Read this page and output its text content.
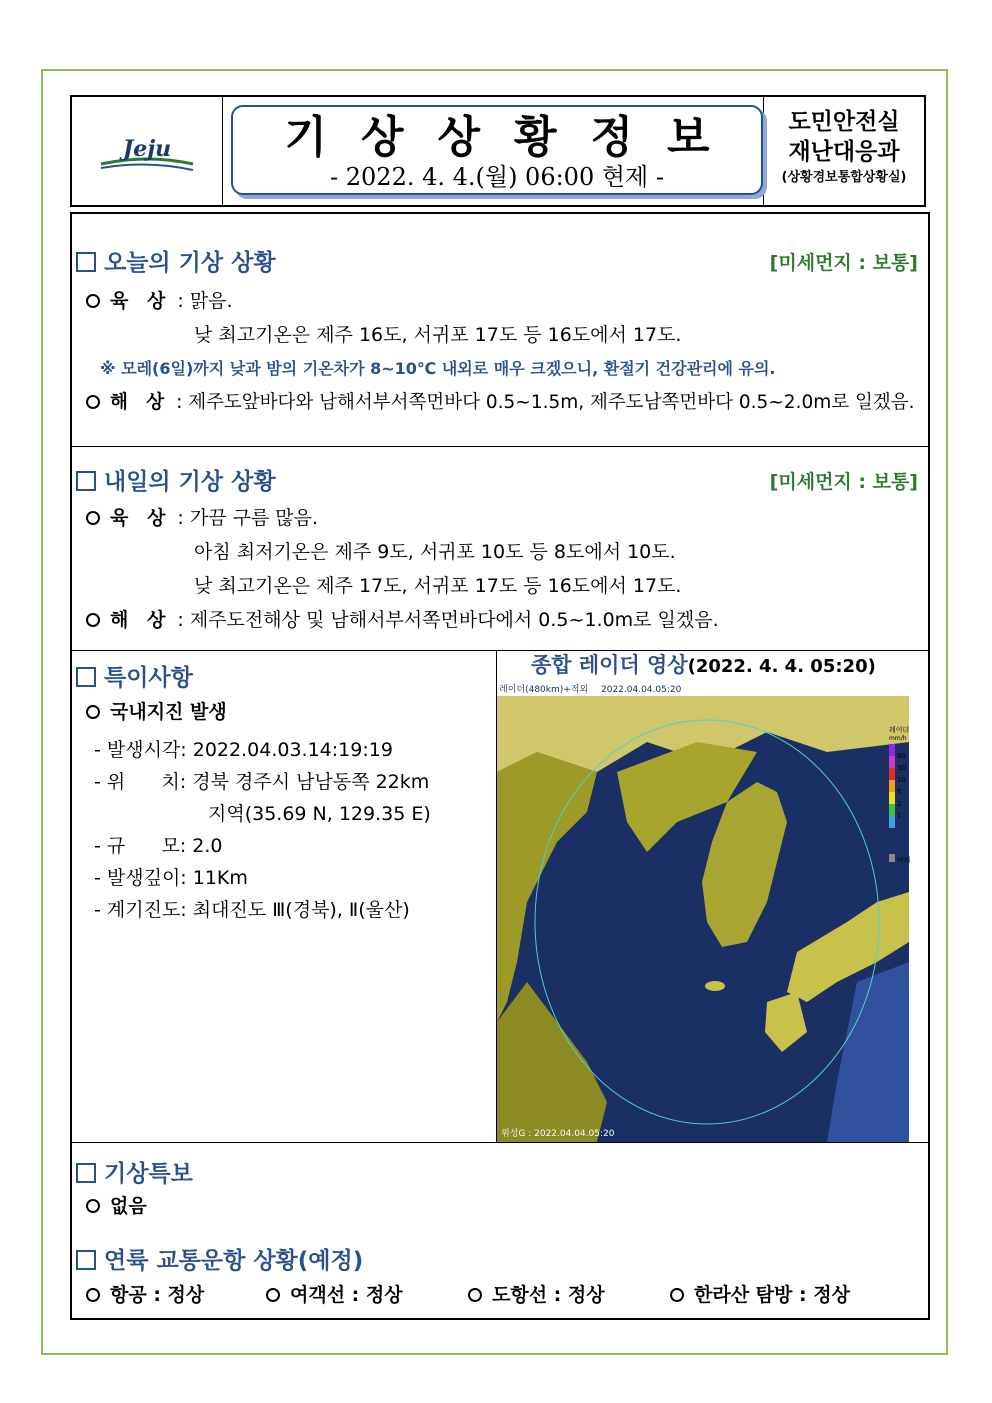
Jeju	기상상황정보
- 2022. 4. 4.(월) 06:00 현제 -
도민안전실
재난대응과
(상황경보통합상황실)
오늘의 기상 상황	[미세먼지 : 보통]
육 상 : 맑음.
낮 최고기온은 제주 16도, 서귀포 17도 등 16도에서 17도.
※ 모레(6일)까지 낮과 밤의 기온차가 8~10℃ 내외로 매우 크겠으니, 환절기 건강관리에 유의.
해 상 : 제주도앞바다와 남해서부서쪽먼바다 0.5~1.5m, 제주도남쪽먼바다 0.5~2.0m로 일겠음.
내일의 기상 상황	[미세먼지 : 보통]
육 상 : 가끔 구름 많음.
아침 최저기온은 제주 9도, 서귀포 10도 등 8도에서 10도.
낮 최고기온은 제주 17도, 서귀포 17도 등 16도에서 17도.
해 상 : 제주도전해상 및 남해서부서쪽먼바다에서 0.5~1.0m로 일겠음.
특이사항
국내지진 발생
- 발생시각: 2022.04.03.14:19:19
- 위      치: 경북 경주시 남남동쪽 22km
지역(35.69 N, 129.35 E)
- 규      모: 2.0
- 발생깊이: 11Km
- 계기진도: 최대진도 Ⅲ(경북), Ⅱ(울산)
종합 레이더 영상(2022. 4. 4. 05:20)
레이더(480km)+적외 2022.04.04.05:20
레이더
mm/h
60
30
10
5
2
1
낙뢰
위성G : 2022.04.04.05:20
기상특보
없음
연륙 교통운항 상황(예정)
항공 : 정상	여객선 : 정상	도항선 : 정상	한라산 탐방 : 정상
